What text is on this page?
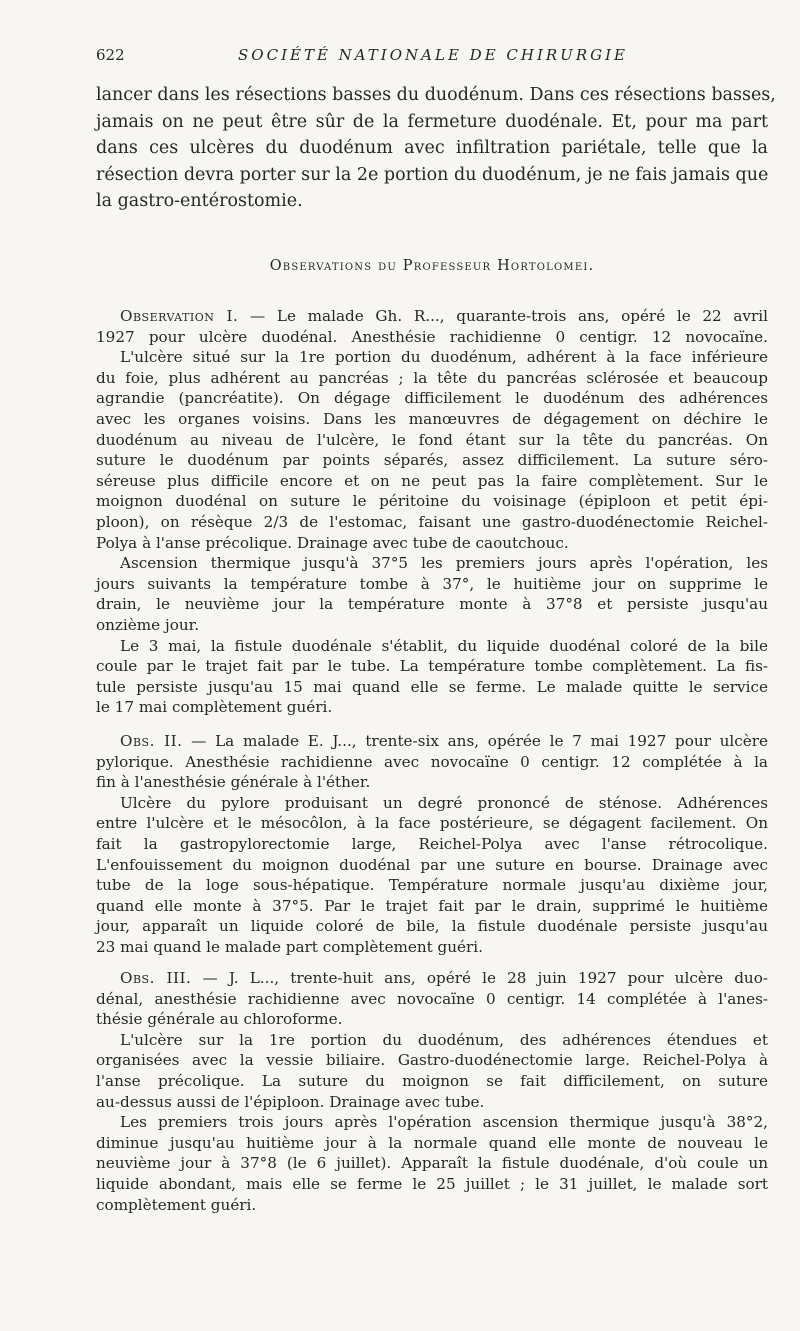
622	SOCIÉTÉ NATIONALE DE CHIRURGIE
lancer dans les résections basses du duodénum. Dans ces résections basses,
jamais on ne peut être sûr de la fermeture duodénale. Et, pour ma part
dans ces ulcères du duodénum avec infiltration pariétale, telle que la
résection devra porter sur la 2e portion du duodénum, je ne fais jamais que
la gastro-entérostomie.
Observations du Professeur Hortolomei.
Observation I. — Le malade Gh. R..., quarante-trois ans, opéré le 22 avril
1927 pour ulcère duodénal. Anesthésie rachidienne 0 centigr. 12 novocaïne.
L'ulcère situé sur la 1re portion du duodénum, adhérent à la face inférieure
du foie, plus adhérent au pancréas ; la tête du pancréas sclérosée et beaucoup
agrandie (pancréatite). On dégage difficilement le duodénum des adhérences
avec les organes voisins. Dans les manœuvres de dégagement on déchire le
duodénum au niveau de l'ulcère, le fond étant sur la tête du pancréas. On
suture le duodénum par points séparés, assez difficilement. La suture séro-
séreuse plus difficile encore et on ne peut pas la faire complètement. Sur le
moignon duodénal on suture le péritoine du voisinage (épiploon et petit épi-
ploon), on résèque 2/3 de l'estomac, faisant une gastro-duodénectomie Reichel-
Polya à l'anse précolique. Drainage avec tube de caoutchouc.
Ascension thermique jusqu'à 37°5 les premiers jours après l'opération, les
jours suivants la température tombe à 37°, le huitième jour on supprime le
drain, le neuvième jour la température monte à 37°8 et persiste jusqu'au
onzième jour.
Le 3 mai, la fistule duodénale s'établit, du liquide duodénal coloré de la bile
coule par le trajet fait par le tube. La température tombe complètement. La fis-
tule persiste jusqu'au 15 mai quand elle se ferme. Le malade quitte le service
le 17 mai complètement guéri.
Obs. II. — La malade E. J..., trente-six ans, opérée le 7 mai 1927 pour ulcère
pylorique. Anesthésie rachidienne avec novocaïne 0 centigr. 12 complétée à la
fin à l'anesthésie générale à l'éther.
Ulcère du pylore produisant un degré prononcé de sténose. Adhérences
entre l'ulcère et le mésocôlon, à la face postérieure, se dégagent facilement. On
fait la gastropylorectomie large, Reichel-Polya avec l'anse rétrocolique.
L'enfouissement du moignon duodénal par une suture en bourse. Drainage avec
tube de la loge sous-hépatique. Température normale jusqu'au dixième jour,
quand elle monte à 37°5. Par le trajet fait par le drain, supprimé le huitième
jour, apparaît un liquide coloré de bile, la fistule duodénale persiste jusqu'au
23 mai quand le malade part complètement guéri.
Obs. III. — J. L..., trente-huit ans, opéré le 28 juin 1927 pour ulcère duo-
dénal, anesthésie rachidienne avec novocaïne 0 centigr. 14 complétée à l'anes-
thésie générale au chloroforme.
L'ulcère sur la 1re portion du duodénum, des adhérences étendues et
organisées avec la vessie biliaire. Gastro-duodénectomie large. Reichel-Polya à
l'anse précolique. La suture du moignon se fait difficilement, on suture
au-dessus aussi de l'épiploon. Drainage avec tube.
Les premiers trois jours après l'opération ascension thermique jusqu'à 38°2,
diminue jusqu'au huitième jour à la normale quand elle monte de nouveau le
neuvième jour à 37°8 (le 6 juillet). Apparaît la fistule duodénale, d'où coule un
liquide abondant, mais elle se ferme le 25 juillet ; le 31 juillet, le malade sort
complètement guéri.
